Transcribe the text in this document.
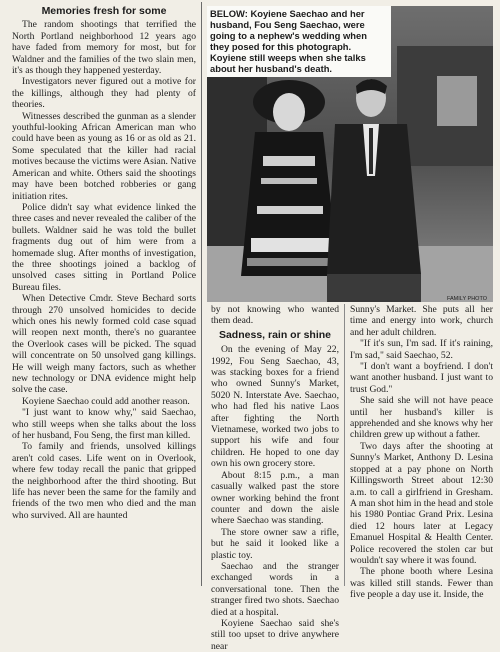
Memories fresh for some

The random shootings that terrified the North Portland neighborhood 12 years ago have faded from memory for most, but for Waldner and the families of the two slain men, it's as though they happened yesterday.

Investigators never figured out a motive for the killings, although they had plenty of theories.

Witnesses described the gunman as a slender youthful-looking African American man who could have been as young as 16 or as old as 21. Some speculated that the killer had racial motives because the victims were Asian. Native American and white. Others said the shootings may have been botched robberies or gang initiation rites.

Police didn't say what evidence linked the three cases and never revealed the caliber of the bullets. Waldner said he was told the bullet fragments dug out of him were from a homemade slug. After months of investigation, the three shootings joined a backlog of unsolved cases sitting in Portland Police Bureau files.

When Detective Cmdr. Steve Bechard sorts through 270 unsolved homicides to decide which ones his newly formed cold case squad will reopen next month, there's no guarantee the Overlook cases will be picked. The squad will concentrate on 50 unsolved gang killings. He will weigh many factors, such as whether new technology or DNA evidence might help solve the case.

Koyiene Saechao could add another reason.

"I just want to know why," said Saechao, who still weeps when she talks about the loss of her husband, Fou Seng, the first man killed.

To family and friends, unsolved killings aren't cold cases. Life went on in Overlook, where few today recall the panic that gripped the neighborhood after the third shooting. But life has never been the same for the family and friends of the two men who died and the man who survived. All are haunted

BELOW: Koyiene Saechao and her husband, Fou Seng Saechao, were going to a nephew's wedding when they posed for this photograph. Koyiene still weeps when she talks about her husband's death.
FAMILY PHOTO

by not knowing who wanted them dead.

Sadness, rain or shine

On the evening of May 22, 1992, Fou Seng Saechao, 43, was stacking boxes for a friend who owned Sunny's Market, 5020 N. Interstate Ave. Saechao, who had fled his native Laos after fighting the North Vietnamese, worked two jobs to support his wife and four children. He hoped to one day own his own grocery store.

About 8:15 p.m., a man casually walked past the store owner working behind the front counter and down the aisle where Saechao was standing.

The store owner saw a rifle, but he said it looked like a plastic toy.

Saechao and the stranger exchanged words in a conversational tone. Then the stranger fired two shots. Saechao died at a hospital.

Koyiene Saechao said she's still too upset to drive anywhere near

Sunny's Market. She puts all her time and energy into work, church and her adult children.

"If it's sun, I'm sad. If it's raining, I'm sad," said Saechao, 52.

"I don't want a boyfriend. I don't want another husband. I just want to trust God."

She said she will not have peace until her husband's killer is apprehended and she knows why her children grew up without a father.

Two days after the shooting at Sunny's Market, Anthony D. Lesina stopped at a pay phone on North Killingsworth Street about 12:30 a.m. to call a girlfriend in Gresham. A man shot him in the head and stole his 1980 Pontiac Grand Prix. Lesina died 12 hours later at Legacy Emanuel Hospital & Health Center. Police recovered the stolen car but wouldn't say where it was found.

The phone booth where Lesina was killed still stands. Fewer than five people a day use it. Inside, the
